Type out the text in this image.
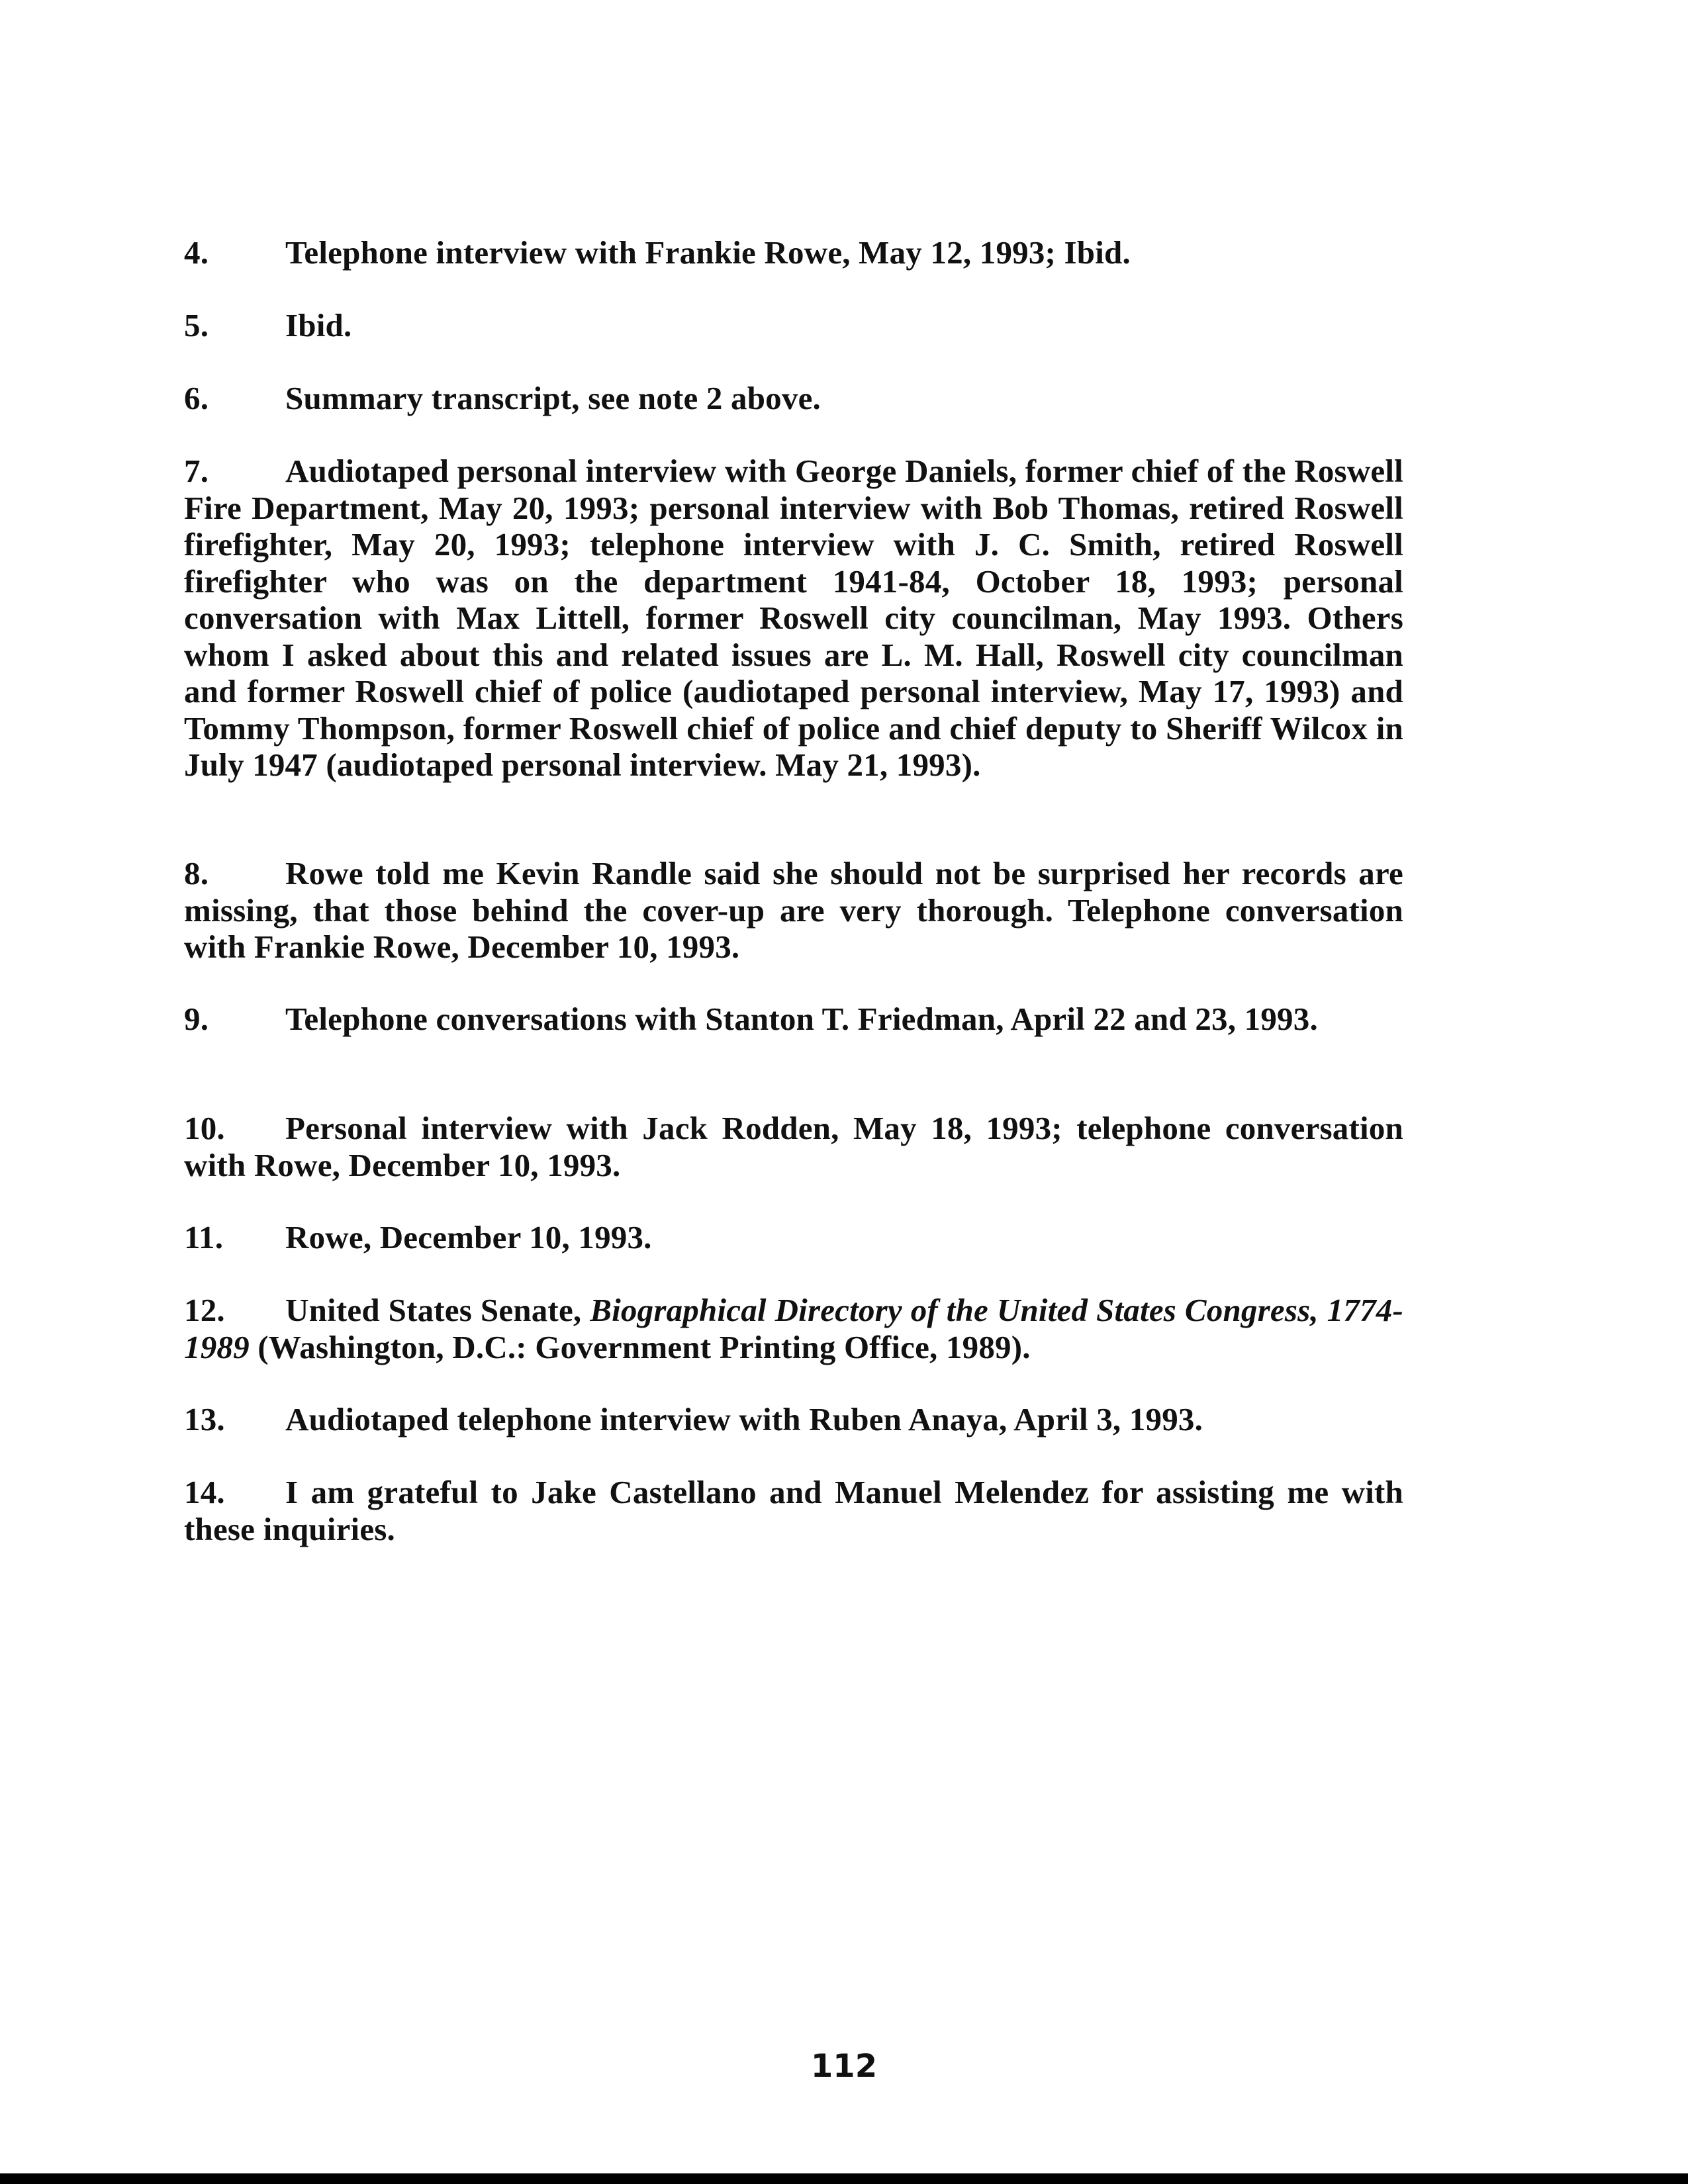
4. Telephone interview with Frankie Rowe, May 12, 1993; Ibid.

5. Ibid.

6. Summary transcript, see note 2 above.

7. Audiotaped personal interview with George Daniels, former chief of the Roswell Fire Department, May 20, 1993; personal interview with Bob Thomas, retired Roswell firefighter, May 20, 1993; telephone interview with J. C. Smith, retired Roswell firefighter who was on the department 1941-84, October 18, 1993; personal conversation with Max Littell, former Roswell city councilman, May 1993. Others whom I asked about this and related issues are L. M. Hall, Roswell city councilman and former Roswell chief of police (audiotaped personal interview, May 17, 1993) and Tommy Thompson, former Roswell chief of police and chief deputy to Sheriff Wilcox in July 1947 (audiotaped personal interview. May 21, 1993).

8. Rowe told me Kevin Randle said she should not be surprised her records are missing, that those behind the cover-up are very thorough. Telephone conversation with Frankie Rowe, December 10, 1993.

9. Telephone conversations with Stanton T. Friedman, April 22 and 23, 1993.

10. Personal interview with Jack Rodden, May 18, 1993; telephone conversation with Rowe, December 10, 1993.

11. Rowe, December 10, 1993.

12. United States Senate, Biographical Directory of the United States Congress, 1774-1989 (Washington, D.C.: Government Printing Office, 1989).

13. Audiotaped telephone interview with Ruben Anaya, April 3, 1993.

14. I am grateful to Jake Castellano and Manuel Melendez for assisting me with these inquiries.

112
